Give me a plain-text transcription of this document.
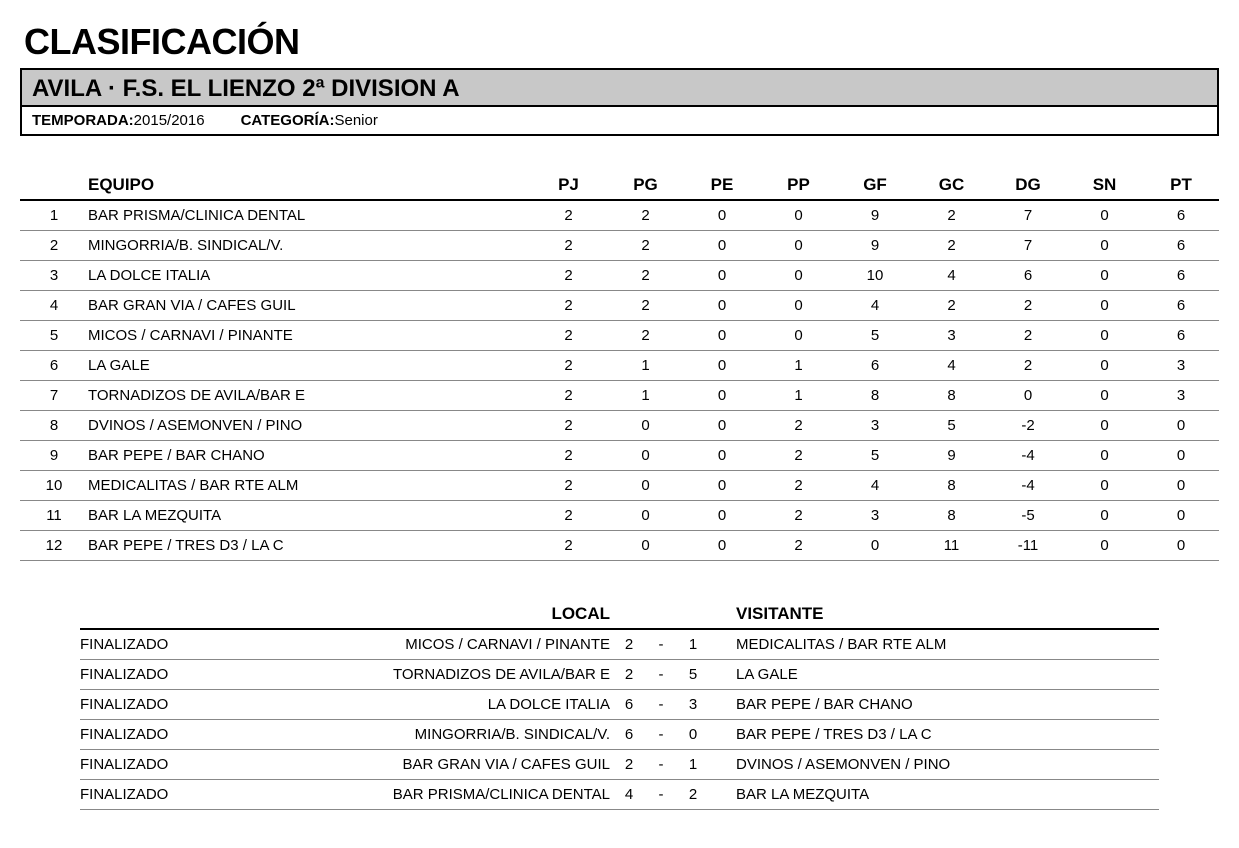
CLASIFICACIÓN
AVILA · F.S. EL LIENZO 2ª DIVISION A
TEMPORADA:2015/2016 CATEGORÍA:Senior
	EQUIPO	PJ	PG	PE	PP	GF	GC	DG	SN	PT
1	BAR PRISMA/CLINICA DENTAL	2	2	0	0	9	2	7	0	6
2	MINGORRIA/B. SINDICAL/V.	2	2	0	0	9	2	7	0	6
3	LA DOLCE ITALIA	2	2	0	0	10	4	6	0	6
4	BAR GRAN VIA / CAFES GUIL	2	2	0	0	4	2	2	0	6
5	MICOS / CARNAVI / PINANTE	2	2	0	0	5	3	2	0	6
6	LA GALE	2	1	0	1	6	4	2	0	3
7	TORNADIZOS DE AVILA/BAR E	2	1	0	1	8	8	0	0	3
8	DVINOS / ASEMONVEN / PINO	2	0	0	2	3	5	-2	0	0
9	BAR PEPE / BAR CHANO	2	0	0	2	5	9	-4	0	0
10	MEDICALITAS / BAR RTE ALM	2	0	0	2	4	8	-4	0	0
11	BAR LA MEZQUITA	2	0	0	2	3	8	-5	0	0
12	BAR PEPE / TRES D3 / LA C	2	0	0	2	0	11	-11	0	0
	LOCAL					VISITANTE
FINALIZADO	MICOS / CARNAVI / PINANTE	2	-	1		MEDICALITAS / BAR RTE ALM
FINALIZADO	TORNADIZOS DE AVILA/BAR E	2	-	5		LA GALE
FINALIZADO	LA DOLCE ITALIA	6	-	3		BAR PEPE / BAR CHANO
FINALIZADO	MINGORRIA/B. SINDICAL/V.	6	-	0		BAR PEPE / TRES D3 / LA C
FINALIZADO	BAR GRAN VIA / CAFES GUIL	2	-	1		DVINOS / ASEMONVEN / PINO
FINALIZADO	BAR PRISMA/CLINICA DENTAL	4	-	2		BAR LA MEZQUITA
